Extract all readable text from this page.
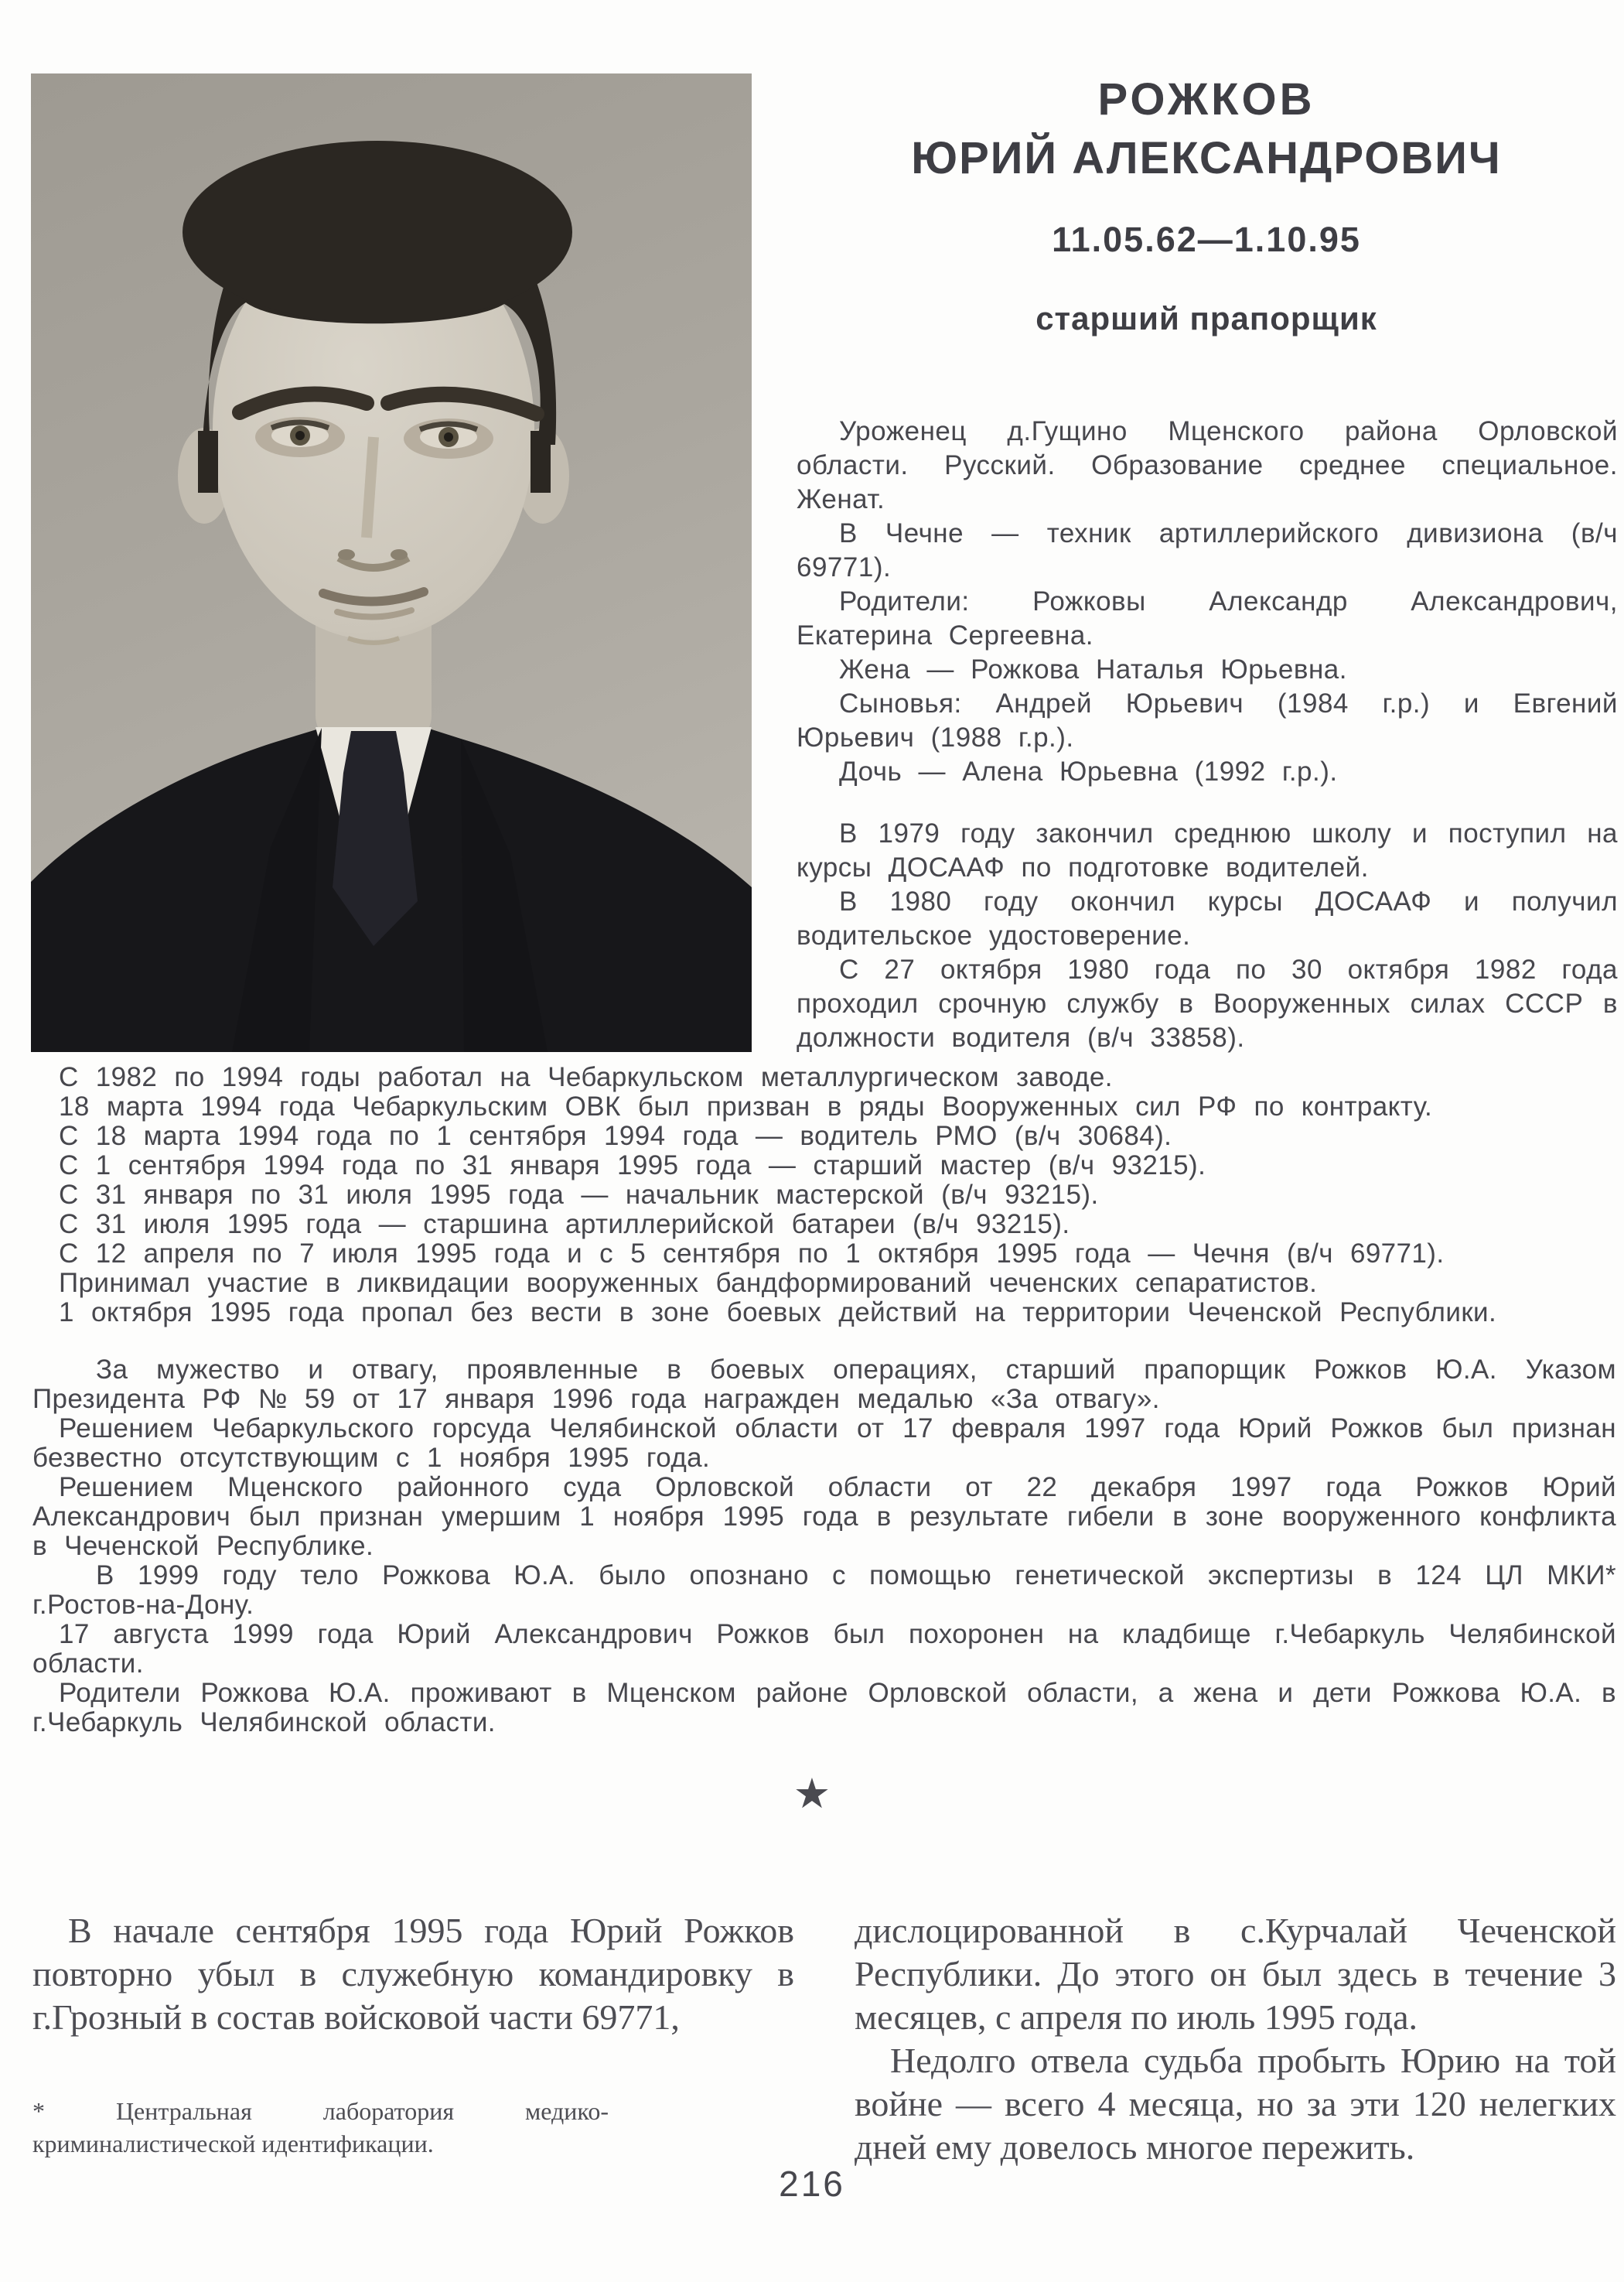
РОЖКОВ
ЮРИЙ АЛЕКСАНДРОВИЧ
11.05.62—1.10.95
старший прапорщик

Уроженец д.Гущино Мценского района Орловской области. Русский. Образование среднее специальное. Женат.

В Чечне — техник артиллерийского дивизиона (в/ч 69771).

Родители: Рожковы Александр Александрович, Екатерина Сергеевна.

Жена — Рожкова Наталья Юрьевна.

Сыновья: Андрей Юрьевич (1984 г.р.) и Евгений Юрьевич (1988 г.р.).

Дочь — Алена Юрьевна (1992 г.р.).

В 1979 году закончил среднюю школу и поступил на курсы ДОСААФ по подготовке водителей.

В 1980 году окончил курсы ДОСААФ и получил водительское удостоверение.

С 27 октября 1980 года по 30 октября 1982 года проходил срочную службу в Вооруженных силах СССР в должности водителя (в/ч 33858).

С 1982 по 1994 годы работал на Чебаркульском металлургическом заводе.

18 марта 1994 года Чебаркульским ОВК был призван в ряды Вооруженных сил РФ по контракту.

С 18 марта 1994 года по 1 сентября 1994 года — водитель РМО (в/ч 30684).

С 1 сентября 1994 года по 31 января 1995 года — старший мастер (в/ч 93215).

С 31 января по 31 июля 1995 года — начальник мастерской (в/ч 93215).

С 31 июля 1995 года — старшина артиллерийской батареи (в/ч 93215).

С 12 апреля по 7 июля 1995 года и с 5 сентября по 1 октября 1995 года — Чечня (в/ч 69771).

Принимал участие в ликвидации вооруженных бандформирований чеченских сепаратистов.

1 октября 1995 года пропал без вести в зоне боевых действий на территории Чеченской Республики.

За мужество и отвагу, проявленные в боевых операциях, старший прапорщик Рожков Ю.А. Указом Президента РФ № 59 от 17 января 1996 года награжден медалью «За отвагу».

Решением Чебаркульского горсуда Челябинской области от 17 февраля 1997 года Юрий Рожков был признан безвестно отсутствующим с 1 ноября 1995 года.

Решением Мценского районного суда Орловской области от 22 декабря 1997 года Рожков Юрий Александрович был признан умершим 1 ноября 1995 года в результате гибели в зоне вооруженного конфликта в Чеченской Республике.

В 1999 году тело Рожкова Ю.А. было опознано с помощью генетической экспертизы в 124 ЦЛ МКИ* г.Ростов-на-Дону.

17 августа 1999 года Юрий Александрович Рожков был похоронен на кладбище г.Чебаркуль Челябинской области.

Родители Рожкова Ю.А. проживают в Мценском районе Орловской области, а жена и дети Рожкова Ю.А. в г.Чебаркуль Челябинской области.

★

В начале сентября 1995 года Юрий Рожков повторно убыл в служебную командировку в г.Грозный в состав войсковой части 69771,

дислоцированной в с.Курчалай Чеченской Республики. До этого он был здесь в течение 3 месяцев, с апреля по июль 1995 года.

Недолго отвела судьба пробыть Юрию на той войне — всего 4 месяца, но за эти 120 нелегких дней ему довелось многое пережить.

* Центральная лаборатория медико-криминалистической идентификации.
216
